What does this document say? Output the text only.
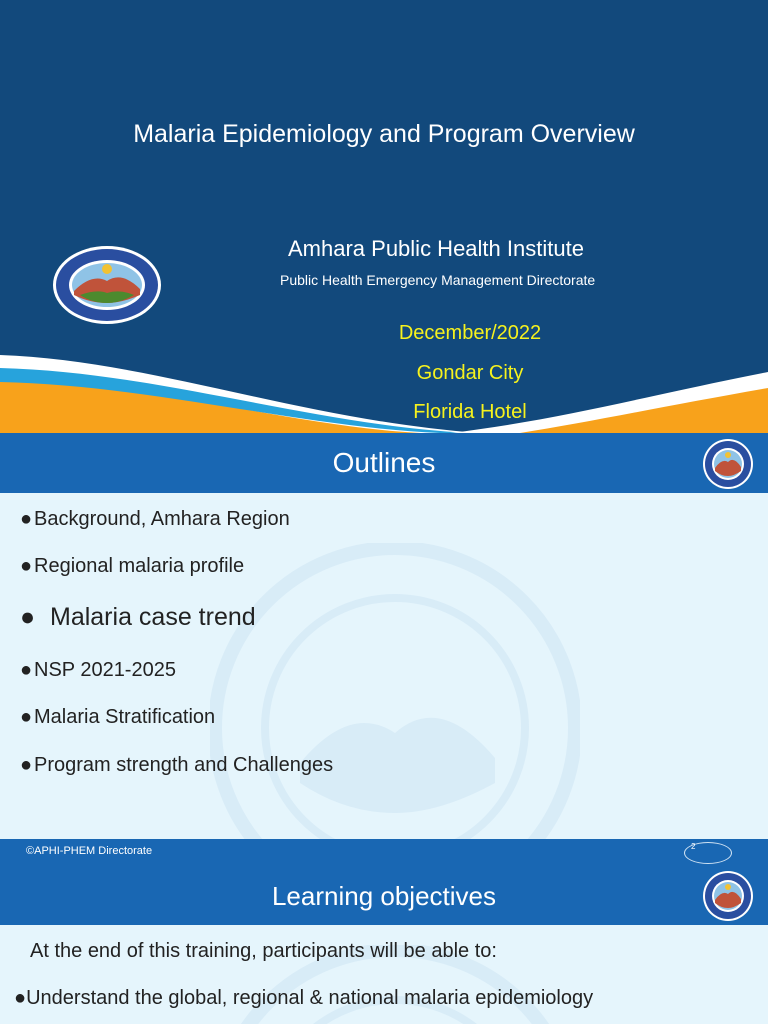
Malaria Epidemiology and Program Overview
Amhara Public Health Institute
Public Health Emergency Management Directorate
December/2022
Gondar City
Florida Hotel
Outlines
●Background, Amhara Region
●Regional malaria profile
● Malaria case trend
●NSP 2021-2025
●Malaria Stratification
●Program strength and Challenges
©APHI-PHEM Directorate	2
Learning objectives
At the end of this training, participants will be able to:
●Understand the global, regional & national malaria epidemiology
